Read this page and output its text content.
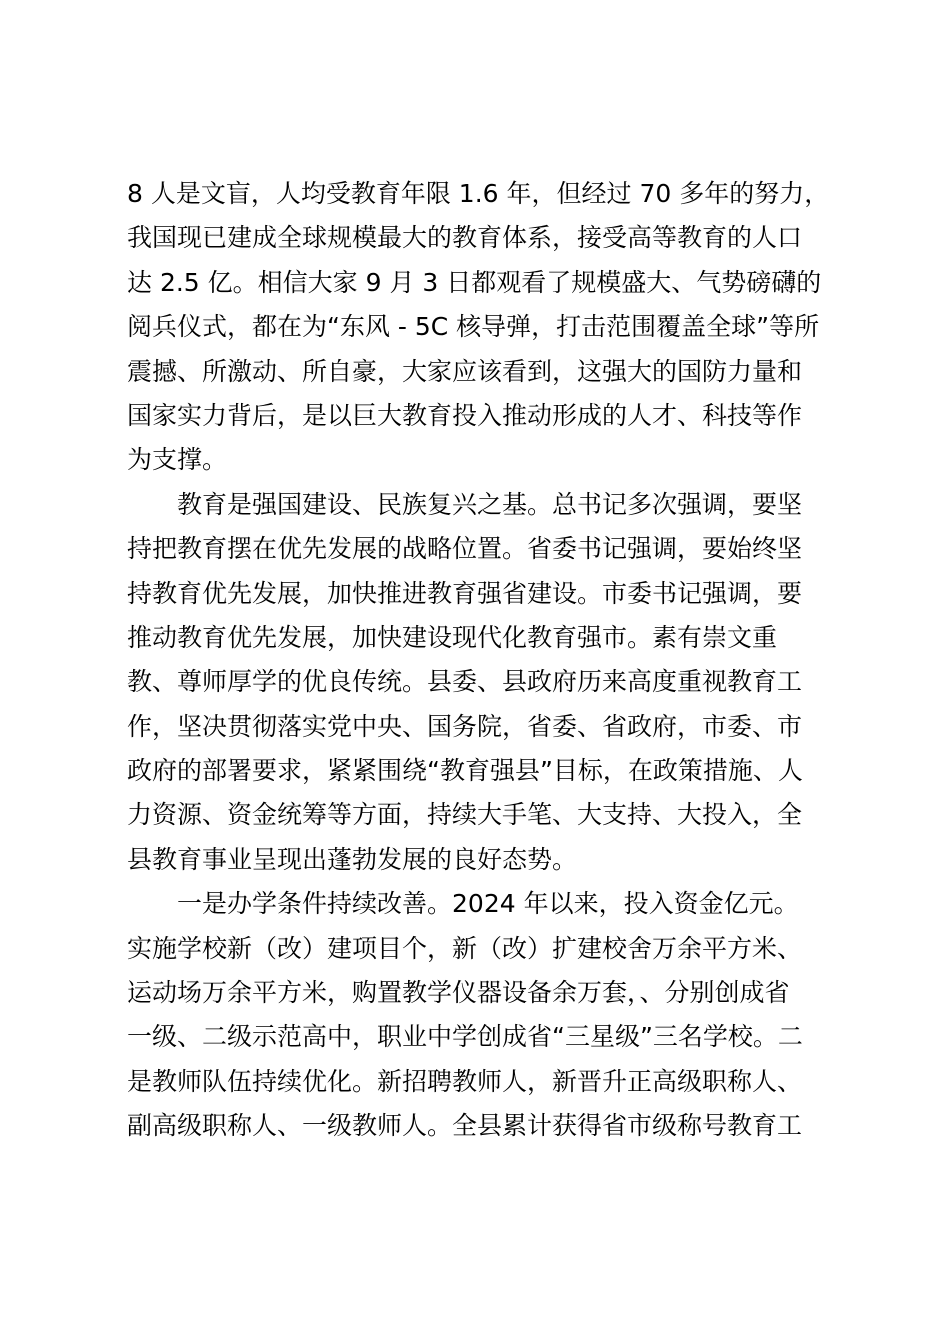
8 人是文盲，人均受教育年限 1.6 年，但经过 70 多年的努力，
我国现已建成全球规模最大的教育体系，接受高等教育的人口
达 2.5 亿。相信大家 9 月 3 日都观看了规模盛大、气势磅礴的
阅兵仪式，都在为“东风 - 5C 核导弹，打击范围覆盖全球”等所
震撼、所激动、所自豪，大家应该看到，这强大的国防力量和
国家实力背后，是以巨大教育投入推动形成的人才、科技等作
为支撑。
教育是强国建设、民族复兴之基。总书记多次强调，要坚
持把教育摆在优先发展的战略位置。省委书记强调，要始终坚
持教育优先发展，加快推进教育强省建设。市委书记强调，要
推动教育优先发展，加快建设现代化教育强市。素有崇文重
教、尊师厚学的优良传统。县委、县政府历来高度重视教育工
作，坚决贯彻落实党中央、国务院，省委、省政府，市委、市
政府的部署要求，紧紧围绕“教育强县”目标，在政策措施、人
力资源、资金统筹等方面，持续大手笔、大支持、大投入，全
县教育事业呈现出蓬勃发展的良好态势。
一是办学条件持续改善。2024 年以来，投入资金亿元。
实施学校新（改）建项目个，新（改）扩建校舍万余平方米、
运动场万余平方米，购置教学仪器设备余万套，、分别创成省
一级、二级示范高中，职业中学创成省“三星级”三名学校。二
是教师队伍持续优化。新招聘教师人，新晋升正高级职称人、
副高级职称人、一级教师人。全县累计获得省市级称号教育工
